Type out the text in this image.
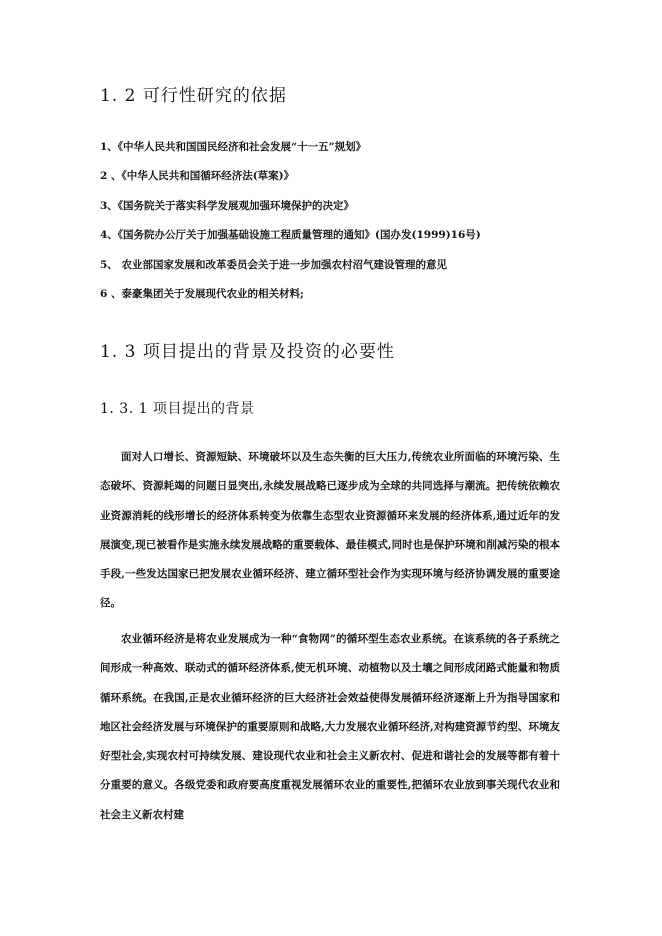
1. 2 可行性研究的依据
1、《中华人民共和国国民经济和社会发展“十一五”规划》
2 、《中华人民共和国循环经济法(草案)》
3、《国务院关于落实科学发展观加强环境保护的决定》
4、《国务院办公厅关于加强基础设施工程质量管理的通知》(国办发(1999)16号)
5、 农业部国家发展和改革委员会关于进一步加强农村沼气建设管理的意见
6 、泰豪集团关于发展现代农业的相关材料;
1. 3 项目提出的背景及投资的必要性
1. 3. 1 项目提出的背景

面对人口增长、资源短缺、环境破坏以及生态失衡的巨大压力,传统农业所面临的环境污染、生态破坏、资源耗竭的问题日显突出,永续发展战略已逐步成为全球的共同选择与潮流。把传统依赖农业资源消耗的线形增长的经济体系转变为依靠生态型农业资源循环来发展的经济体系,通过近年的发展演变,现已被看作是实施永续发展战略的重要载体、最佳模式,同时也是保护环境和削减污染的根本手段,一些发达国家已把发展农业循环经济、建立循环型社会作为实现环境与经济协调发展的重要途径。

农业循环经济是将农业发展成为一种“食物网”的循环型生态农业系统。在该系统的各子系统之间形成一种高效、联动式的循环经济体系,使无机环境、动植物以及土壤之间形成闭路式能量和物质循环系统。在我国,正是农业循环经济的巨大经济社会效益使得发展循环经济逐渐上升为指导国家和地区社会经济发展与环境保护的重要原则和战略,大力发展农业循环经济,对构建资源节约型、环境友好型社会,实现农村可持续发展、建设现代农业和社会主义新农村、促进和谐社会的发展等都有着十分重要的意义。各级党委和政府要高度重视发展循环农业的重要性,把循环农业放到事关现代农业和社会主义新农村建
